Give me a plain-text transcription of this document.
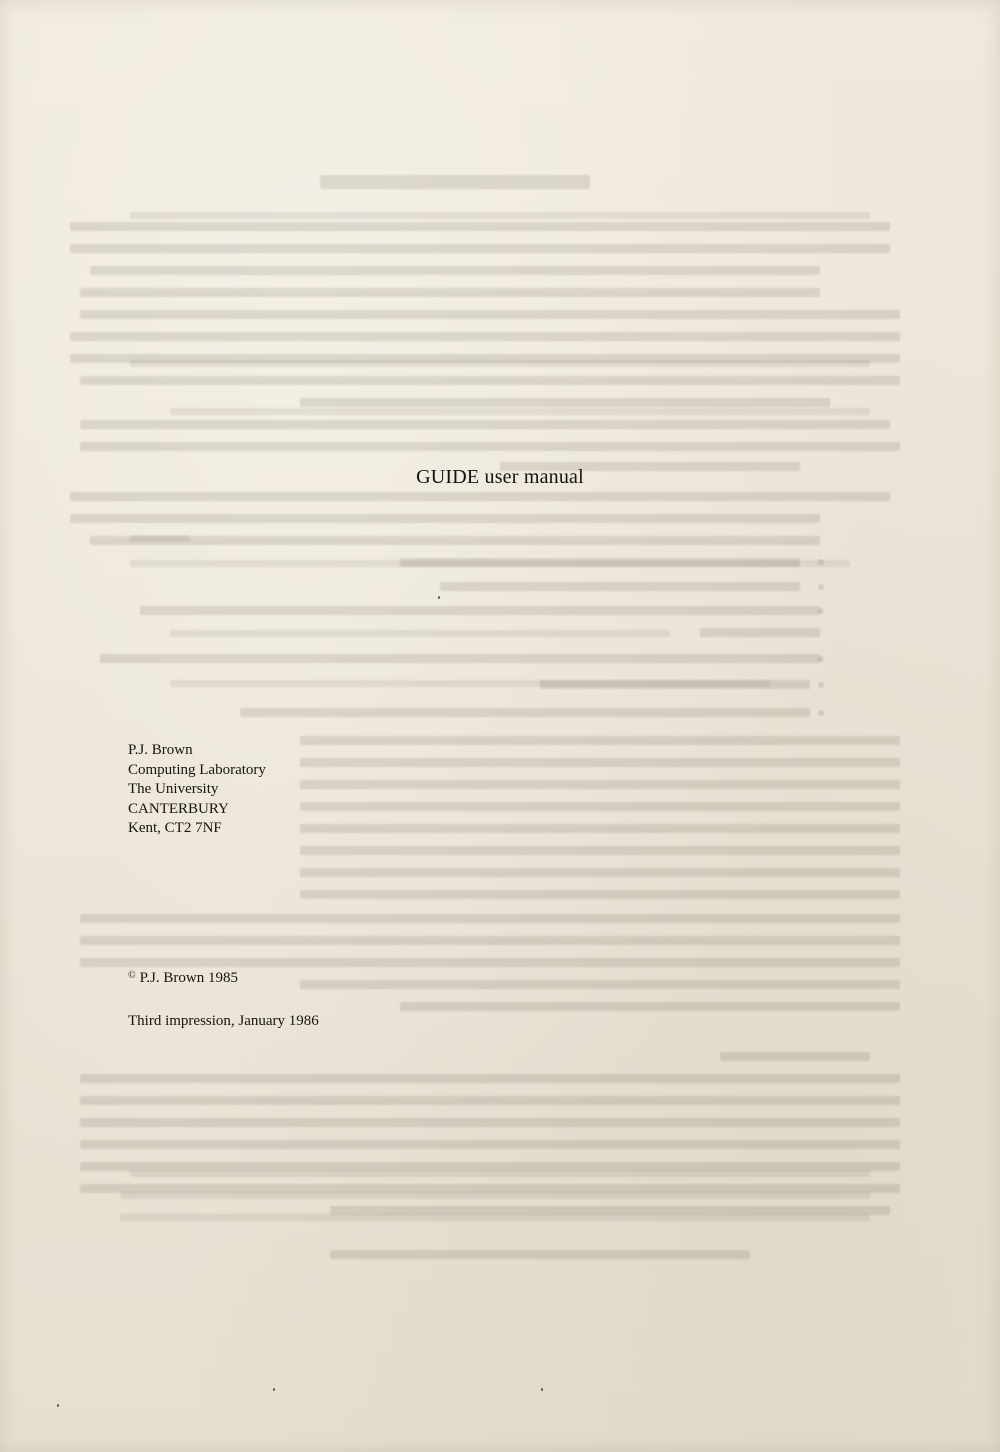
GUIDE user manual
P.J. Brown
Computing Laboratory
The University
CANTERBURY
Kent, CT2 7NF
© P.J. Brown 1985
Third impression, January 1986
